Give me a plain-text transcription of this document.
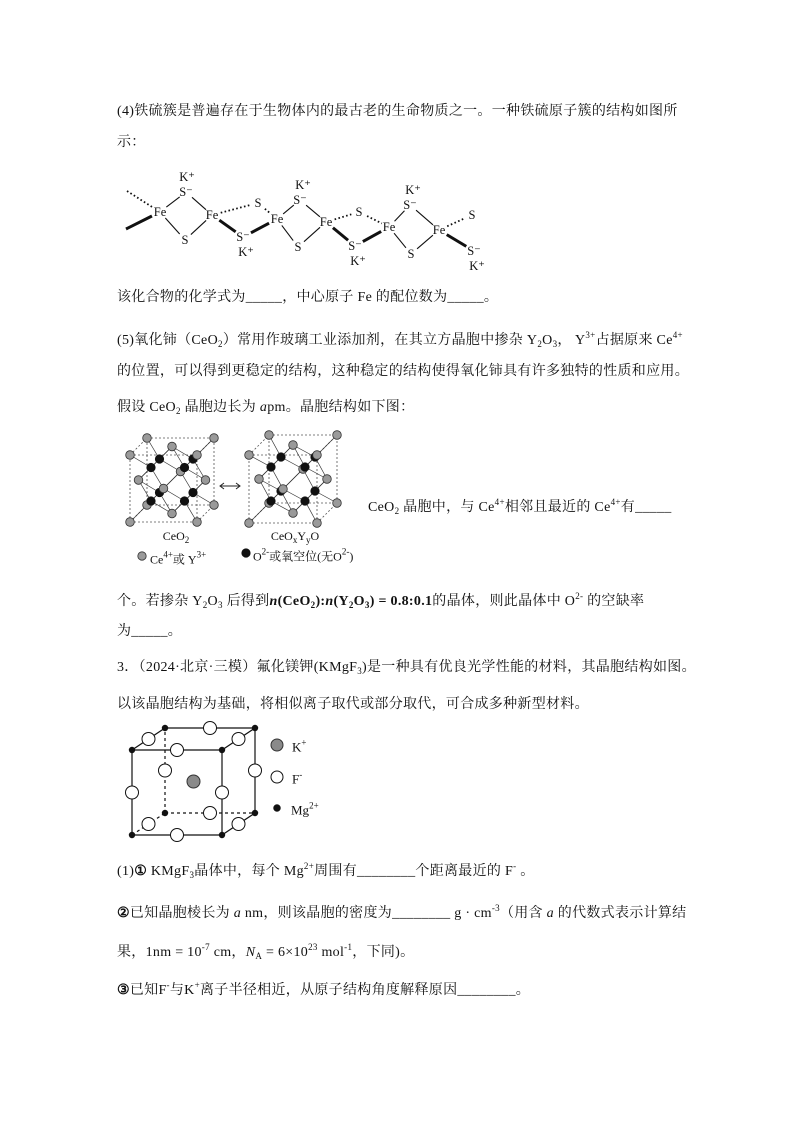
K⁺
S⁻
Fe	Fe
S
S
S⁻
K⁺
K⁺
S⁻
Fe	Fe
S
S
S⁻
K⁺
K⁺
S⁻
Fe	Fe
S
S
S⁻
K⁺
(4)铁硫簇是普遍存在于生物体内的最古老的生命物质之一。一种铁硫原子簇的结构如图所
示：
该化合物的化学式为_____，中心原子 Fe 的配位数为_____。
(5)氧化铈（CeO$_2$）常用作玻璃工业添加剂，在其立方晶胞中掺杂 $Y_2O_3$， $Y^{3+}$占据原来 $Ce^{4+}$
的位置，可以得到更稳定的结构，这种稳定的结构使得氧化铈具有许多独特的性质和应用。
假设 CeO$_2$ 晶胞边长为 apm。晶胞结构如下图：
CeO$_2$	$CeO_xY_yO$
$Ce^{4+}$或 $Y^{3+}$	$O^{2-}$或氧空位(无$O^{2-}$)
CeO$_2$ 晶胞中，与 $Ce^{4+}$相邻且最近的 $Ce^{4+}$有_____
个。若掺杂 $Y_2O_3$ 后得到$n(CeO_2):n(Y_2O_3)$ = 0.8:0.1的晶体，则此晶体中 $O^{2-}$ 的空缺率
为_____。
3．（2024·北京·三模）氟化镁钾(KMgF$_3$)是一种具有优良光学性能的材料，其晶胞结构如图。
以该晶胞结构为基础，将相似离子取代或部分取代，可合成多种新型材料。
K+
F-
$Mg^{2+}$
(1)① KMgF$_3$晶体中，每个 $Mg^{2+}$周围有________个距离最近的 F- 。
②已知晶胞棱长为 a nm，则该晶胞的密度为________ $g \cdot cm^{-3}$（用含 a 的代数式表示计算结
果，$1nm = 10^{-7}$ cm，$N_A = 6\times 10^{23}$ mol$^{-1}$，下同)。
③已知F-与K+离子半径相近，从原子结构角度解释原因________。
